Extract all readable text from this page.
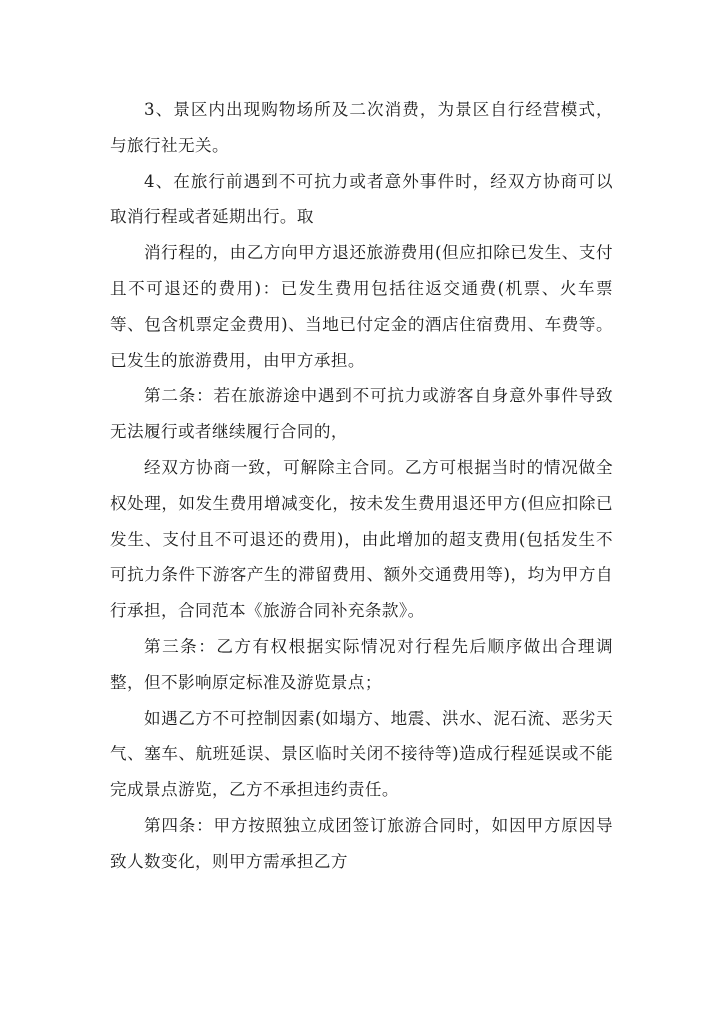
3、景区内出现购物场所及二次消费，为景区自行经营模式，与旅行社无关。

4、在旅行前遇到不可抗力或者意外事件时，经双方协商可以取消行程或者延期出行。取

消行程的，由乙方向甲方退还旅游费用(但应扣除已发生、支付且不可退还的费用)：已发生费用包括往返交通费(机票、火车票等、包含机票定金费用)、当地已付定金的酒店住宿费用、车费等。已发生的旅游费用，由甲方承担。

第二条：若在旅游途中遇到不可抗力或游客自身意外事件导致无法履行或者继续履行合同的，

经双方协商一致，可解除主合同。乙方可根据当时的情况做全权处理，如发生费用增减变化，按未发生费用退还甲方(但应扣除已发生、支付且不可退还的费用)，由此增加的超支费用(包括发生不可抗力条件下游客产生的滞留费用、额外交通费用等)，均为甲方自行承担，合同范本《旅游合同补充条款》。

第三条：乙方有权根据实际情况对行程先后顺序做出合理调整，但不影响原定标准及游览景点；

如遇乙方不可控制因素(如塌方、地震、洪水、泥石流、恶劣天气、塞车、航班延误、景区临时关闭不接待等)造成行程延误或不能完成景点游览，乙方不承担违约责任。

第四条：甲方按照独立成团签订旅游合同时，如因甲方原因导致人数变化，则甲方需承担乙方
